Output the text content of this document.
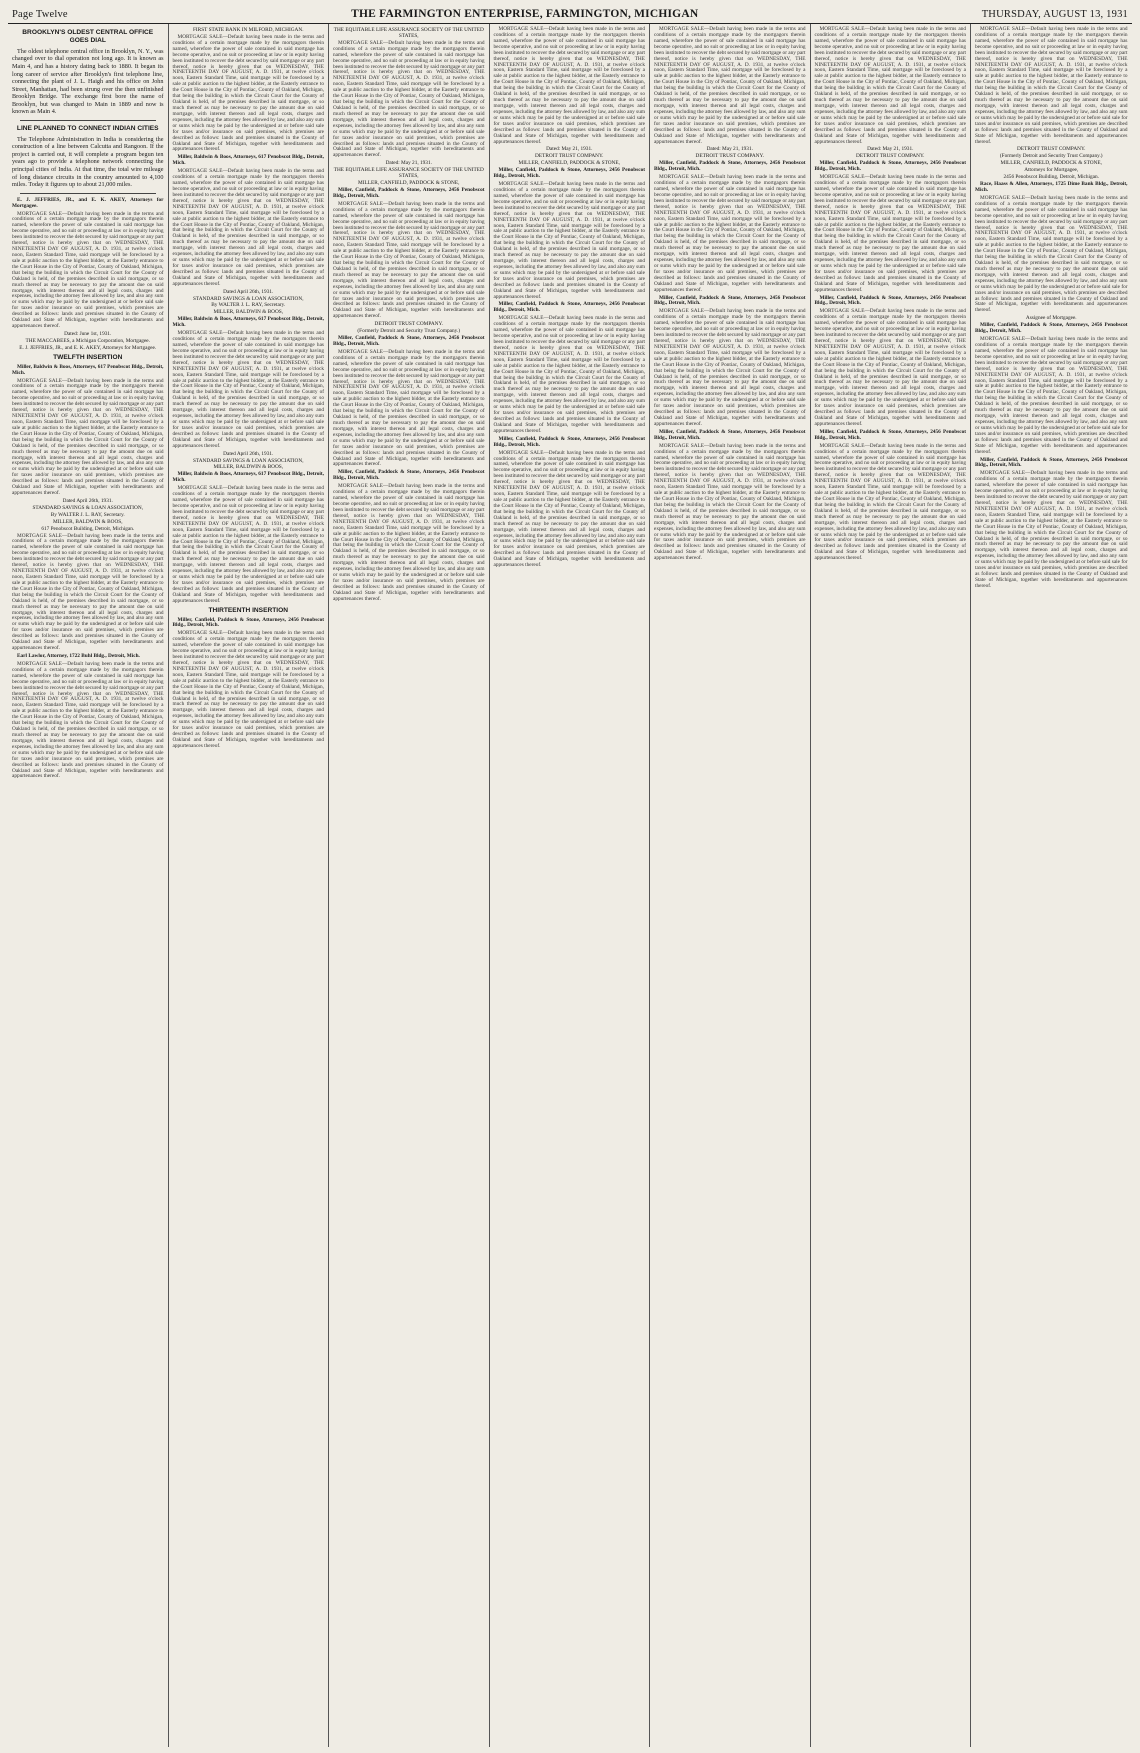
Page Twelve	THE FARMINGTON ENTERPRISE, FARMINGTON, MICHIGAN	THURSDAY, AUGUST 13, 1931
BROOKLYN'S OLDEST CENTRAL OFFICE GOES DIAL
The oldest telephone central office in Brooklyn, N. Y., was changed over to dial operation not long ago. It is known as Main 4, and has a history dating back to 1880. It began its long career of service after Brooklyn's first telephone line, connecting the plant of J. L. Haigh and his office on John Street, Manhattan, had been strung over the then unfinished Brooklyn Bridge. The exchange first bore the name of Brooklyn, but was changed to Main in 1889 and now is known as Main 4.
LINE PLANNED TO CONNECT INDIAN CITIES
The Telephone Administration in India is considering the construction of a line between Calcutta and Rangoon. If the project is carried out, it will complete a program begun ten years ago to provide a telephone network connecting the principal cities of India. At that time, the total wire mileage of long distance circuits in the country amounted to 4,100 miles. Today it figures up to about 21,000 miles.
E. J. JEFFRIES, JR., and E. K. AKEY, Attorneys for Mortgagee.
MORTGAGE SALE—Default having been made in the terms and conditions of a certain mortgage made by the mortgagors therein named, wherefore the power of sale contained in said mortgage has become operative, and no suit or proceeding at law or in equity having been instituted to recover the debt secured by said mortgage or any part thereof, notice is hereby given that on WEDNESDAY, THE NINETEENTH DAY OF AUGUST, A. D. 1931, at twelve o'clock noon, Eastern Standard Time, said mortgage will be foreclosed by a sale at public auction to the highest bidder, at the Easterly entrance to the Court House in the City of Pontiac, County of Oakland, Michigan, that being the building in which the Circuit Court for the County of Oakland is held, of the premises described in said mortgage, or so much thereof as may be necessary to pay the amount due on said mortgage, with interest thereon and all legal costs, charges and expenses, including the attorney fees allowed by law, and also any sum or sums which may be paid by the undersigned at or before said sale for taxes and/or insurance on said premises, which premises are described as follows: lands and premises situated in the County of Oakland and State of Michigan, together with hereditaments and appurtenances thereof.
Dated: June 1st, 1931.
THE MACCABEES, a Michigan Corporation, Mortgagee.
E. J. JEFFRIES, JR., and E. K. AKEY, Attorneys for Mortgagee.
TWELFTH INSERTION
Miller, Baldwin & Boos, Attorneys, 617 Penobscot Bldg., Detroit, Mich.
MORTGAGE SALE—Default having been made in the terms and conditions of a certain mortgage made by the mortgagors therein named, wherefore the power of sale contained in said mortgage has become operative, and no suit or proceeding at law or in equity having been instituted to recover the debt secured by said mortgage or any part thereof, notice is hereby given that on WEDNESDAY, THE NINETEENTH DAY OF AUGUST, A. D. 1931, at twelve o'clock noon, Eastern Standard Time, said mortgage will be foreclosed by a sale at public auction to the highest bidder, at the Easterly entrance to the Court House in the City of Pontiac, County of Oakland, Michigan, that being the building in which the Circuit Court for the County of Oakland is held, of the premises described in said mortgage, or so much thereof as may be necessary to pay the amount due on said mortgage, with interest thereon and all legal costs, charges and expenses, including the attorney fees allowed by law, and also any sum or sums which may be paid by the undersigned at or before said sale for taxes and/or insurance on said premises, which premises are described as follows: lands and premises situated in the County of Oakland and State of Michigan, together with hereditaments and appurtenances thereof.
Dated April 26th, 1931.
STANDARD SAVINGS & LOAN ASSOCIATION,
By WALTER J. L. RAY, Secretary.
MILLER, BALDWIN & BOOS,
617 Penobscot Building, Detroit, Michigan.
MORTGAGE SALE—Default having been made in the terms and conditions of a certain mortgage made by the mortgagors therein named, wherefore the power of sale contained in said mortgage has become operative, and no suit or proceeding at law or in equity having been instituted to recover the debt secured by said mortgage or any part thereof, notice is hereby given that on WEDNESDAY, THE NINETEENTH DAY OF AUGUST, A. D. 1931, at twelve o'clock noon, Eastern Standard Time, said mortgage will be foreclosed by a sale at public auction to the highest bidder, at the Easterly entrance to the Court House in the City of Pontiac, County of Oakland, Michigan, that being the building in which the Circuit Court for the County of Oakland is held, of the premises described in said mortgage, or so much thereof as may be necessary to pay the amount due on said mortgage, with interest thereon and all legal costs, charges and expenses, including the attorney fees allowed by law, and also any sum or sums which may be paid by the undersigned at or before said sale for taxes and/or insurance on said premises, which premises are described as follows: lands and premises situated in the County of Oakland and State of Michigan, together with hereditaments and appurtenances thereof.
Earl Lawlor, Attorney, 1722 Buhl Bldg., Detroit, Mich.
MORTGAGE SALE—Default having been made in the terms and conditions of a certain mortgage made by the mortgagors therein named, wherefore the power of sale contained in said mortgage has become operative, and no suit or proceeding at law or in equity having been instituted to recover the debt secured by said mortgage or any part thereof, notice is hereby given that on WEDNESDAY, THE NINETEENTH DAY OF AUGUST, A. D. 1931, at twelve o'clock noon, Eastern Standard Time, said mortgage will be foreclosed by a sale at public auction to the highest bidder, at the Easterly entrance to the Court House in the City of Pontiac, County of Oakland, Michigan, that being the building in which the Circuit Court for the County of Oakland is held, of the premises described in said mortgage, or so much thereof as may be necessary to pay the amount due on said mortgage, with interest thereon and all legal costs, charges and expenses, including the attorney fees allowed by law, and also any sum or sums which may be paid by the undersigned at or before said sale for taxes and/or insurance on said premises, which premises are described as follows: lands and premises situated in the County of Oakland and State of Michigan, together with hereditaments and appurtenances thereof.
FIRST STATE BANK IN MILFORD, MICHIGAN.
MORTGAGE SALE—Default having been made in the terms and conditions of a certain mortgage made by the mortgagors therein named, wherefore the power of sale contained in said mortgage has become operative, and no suit or proceeding at law or in equity having been instituted to recover the debt secured by said mortgage or any part thereof, notice is hereby given that on WEDNESDAY, THE NINETEENTH DAY OF AUGUST, A. D. 1931, at twelve o'clock noon, Eastern Standard Time, said mortgage will be foreclosed by a sale at public auction to the highest bidder, at the Easterly entrance to the Court House in the City of Pontiac, County of Oakland, Michigan, that being the building in which the Circuit Court for the County of Oakland is held, of the premises described in said mortgage, or so much thereof as may be necessary to pay the amount due on said mortgage, with interest thereon and all legal costs, charges and expenses, including the attorney fees allowed by law, and also any sum or sums which may be paid by the undersigned at or before said sale for taxes and/or insurance on said premises, which premises are described as follows: lands and premises situated in the County of Oakland and State of Michigan, together with hereditaments and appurtenances thereof.
Miller, Baldwin & Boos, Attorneys, 617 Penobscot Bldg., Detroit, Mich.
MORTGAGE SALE—Default having been made in the terms and conditions of a certain mortgage made by the mortgagors therein named, wherefore the power of sale contained in said mortgage has become operative, and no suit or proceeding at law or in equity having been instituted to recover the debt secured by said mortgage or any part thereof, notice is hereby given that on WEDNESDAY, THE NINETEENTH DAY OF AUGUST, A. D. 1931, at twelve o'clock noon, Eastern Standard Time, said mortgage will be foreclosed by a sale at public auction to the highest bidder, at the Easterly entrance to the Court House in the City of Pontiac, County of Oakland, Michigan, that being the building in which the Circuit Court for the County of Oakland is held, of the premises described in said mortgage, or so much thereof as may be necessary to pay the amount due on said mortgage, with interest thereon and all legal costs, charges and expenses, including the attorney fees allowed by law, and also any sum or sums which may be paid by the undersigned at or before said sale for taxes and/or insurance on said premises, which premises are described as follows: lands and premises situated in the County of Oakland and State of Michigan, together with hereditaments and appurtenances thereof.
Dated April 26th, 1931.
STANDARD SAVINGS & LOAN ASSOCIATION,
By WALTER J. L. RAY, Secretary.
MILLER, BALDWIN & BOOS,
Miller, Baldwin & Boos, Attorneys, 617 Penobscot Bldg., Detroit, Mich.
MORTGAGE SALE—Default having been made in the terms and conditions of a certain mortgage made by the mortgagors therein named, wherefore the power of sale contained in said mortgage has become operative, and no suit or proceeding at law or in equity having been instituted to recover the debt secured by said mortgage or any part thereof, notice is hereby given that on WEDNESDAY, THE NINETEENTH DAY OF AUGUST, A. D. 1931, at twelve o'clock noon, Eastern Standard Time, said mortgage will be foreclosed by a sale at public auction to the highest bidder, at the Easterly entrance to the Court House in the City of Pontiac, County of Oakland, Michigan, that being the building in which the Circuit Court for the County of Oakland is held, of the premises described in said mortgage, or so much thereof as may be necessary to pay the amount due on said mortgage, with interest thereon and all legal costs, charges and expenses, including the attorney fees allowed by law, and also any sum or sums which may be paid by the undersigned at or before said sale for taxes and/or insurance on said premises, which premises are described as follows: lands and premises situated in the County of Oakland and State of Michigan, together with hereditaments and appurtenances thereof.
Dated April 26th, 1931.
STANDARD SAVINGS & LOAN ASSOCIATION,
MILLER, BALDWIN & BOOS,
Miller, Baldwin & Boos, Attorneys, 617 Penobscot Bldg., Detroit, Mich.
MORTGAGE SALE—Default having been made in the terms and conditions of a certain mortgage made by the mortgagors therein named, wherefore the power of sale contained in said mortgage has become operative, and no suit or proceeding at law or in equity having been instituted to recover the debt secured by said mortgage or any part thereof, notice is hereby given that on WEDNESDAY, THE NINETEENTH DAY OF AUGUST, A. D. 1931, at twelve o'clock noon, Eastern Standard Time, said mortgage will be foreclosed by a sale at public auction to the highest bidder, at the Easterly entrance to the Court House in the City of Pontiac, County of Oakland, Michigan, that being the building in which the Circuit Court for the County of Oakland is held, of the premises described in said mortgage, or so much thereof as may be necessary to pay the amount due on said mortgage, with interest thereon and all legal costs, charges and expenses, including the attorney fees allowed by law, and also any sum or sums which may be paid by the undersigned at or before said sale for taxes and/or insurance on said premises, which premises are described as follows: lands and premises situated in the County of Oakland and State of Michigan, together with hereditaments and appurtenances thereof.
THIRTEENTH INSERTION
Miller, Canfield, Paddock & Stone, Attorneys, 2456 Penobscot Bldg., Detroit, Mich.
MORTGAGE SALE—Default having been made in the terms and conditions of a certain mortgage made by the mortgagors therein named, wherefore the power of sale contained in said mortgage has become operative, and no suit or proceeding at law or in equity having been instituted to recover the debt secured by said mortgage or any part thereof, notice is hereby given that on WEDNESDAY, THE NINETEENTH DAY OF AUGUST, A. D. 1931, at twelve o'clock noon, Eastern Standard Time, said mortgage will be foreclosed by a sale at public auction to the highest bidder, at the Easterly entrance to the Court House in the City of Pontiac, County of Oakland, Michigan, that being the building in which the Circuit Court for the County of Oakland is held, of the premises described in said mortgage, or so much thereof as may be necessary to pay the amount due on said mortgage, with interest thereon and all legal costs, charges and expenses, including the attorney fees allowed by law, and also any sum or sums which may be paid by the undersigned at or before said sale for taxes and/or insurance on said premises, which premises are described as follows: lands and premises situated in the County of Oakland and State of Michigan, together with hereditaments and appurtenances thereof.
THE EQUITABLE LIFE ASSURANCE SOCIETY OF THE UNITED STATES,
MORTGAGE SALE—Default having been made in the terms and conditions of a certain mortgage made by the mortgagors therein named, wherefore the power of sale contained in said mortgage has become operative, and no suit or proceeding at law or in equity having been instituted to recover the debt secured by said mortgage or any part thereof, notice is hereby given that on WEDNESDAY, THE NINETEENTH DAY OF AUGUST, A. D. 1931, at twelve o'clock noon, Eastern Standard Time, said mortgage will be foreclosed by a sale at public auction to the highest bidder, at the Easterly entrance to the Court House in the City of Pontiac, County of Oakland, Michigan, that being the building in which the Circuit Court for the County of Oakland is held, of the premises described in said mortgage, or so much thereof as may be necessary to pay the amount due on said mortgage, with interest thereon and all legal costs, charges and expenses, including the attorney fees allowed by law, and also any sum or sums which may be paid by the undersigned at or before said sale for taxes and/or insurance on said premises, which premises are described as follows: lands and premises situated in the County of Oakland and State of Michigan, together with hereditaments and appurtenances thereof.
Dated: May 21, 1931.
THE EQUITABLE LIFE ASSURANCE SOCIETY OF THE UNITED STATES,
MILLER, CANFIELD, PADDOCK & STONE,
Miller, Canfield, Paddock & Stone, Attorneys, 2456 Penobscot Bldg., Detroit, Mich.
MORTGAGE SALE—Default having been made in the terms and conditions of a certain mortgage made by the mortgagors therein named, wherefore the power of sale contained in said mortgage has become operative, and no suit or proceeding at law or in equity having been instituted to recover the debt secured by said mortgage or any part thereof, notice is hereby given that on WEDNESDAY, THE NINETEENTH DAY OF AUGUST, A. D. 1931, at twelve o'clock noon, Eastern Standard Time, said mortgage will be foreclosed by a sale at public auction to the highest bidder, at the Easterly entrance to the Court House in the City of Pontiac, County of Oakland, Michigan, that being the building in which the Circuit Court for the County of Oakland is held, of the premises described in said mortgage, or so much thereof as may be necessary to pay the amount due on said mortgage, with interest thereon and all legal costs, charges and expenses, including the attorney fees allowed by law, and also any sum or sums which may be paid by the undersigned at or before said sale for taxes and/or insurance on said premises, which premises are described as follows: lands and premises situated in the County of Oakland and State of Michigan, together with hereditaments and appurtenances thereof.
DETROIT TRUST COMPANY.
(Formerly Detroit and Security Trust Company.)
Miller, Canfield, Paddock & Stone, Attorneys, 2456 Penobscot Bldg., Detroit, Mich.
MORTGAGE SALE—Default having been made in the terms and conditions of a certain mortgage made by the mortgagors therein named, wherefore the power of sale contained in said mortgage has become operative, and no suit or proceeding at law or in equity having been instituted to recover the debt secured by said mortgage or any part thereof, notice is hereby given that on WEDNESDAY, THE NINETEENTH DAY OF AUGUST, A. D. 1931, at twelve o'clock noon, Eastern Standard Time, said mortgage will be foreclosed by a sale at public auction to the highest bidder, at the Easterly entrance to the Court House in the City of Pontiac, County of Oakland, Michigan, that being the building in which the Circuit Court for the County of Oakland is held, of the premises described in said mortgage, or so much thereof as may be necessary to pay the amount due on said mortgage, with interest thereon and all legal costs, charges and expenses, including the attorney fees allowed by law, and also any sum or sums which may be paid by the undersigned at or before said sale for taxes and/or insurance on said premises, which premises are described as follows: lands and premises situated in the County of Oakland and State of Michigan, together with hereditaments and appurtenances thereof.
Miller, Canfield, Paddock & Stone, Attorneys, 2456 Penobscot Bldg., Detroit, Mich.
MORTGAGE SALE—Default having been made in the terms and conditions of a certain mortgage made by the mortgagors therein named, wherefore the power of sale contained in said mortgage has become operative, and no suit or proceeding at law or in equity having been instituted to recover the debt secured by said mortgage or any part thereof, notice is hereby given that on WEDNESDAY, THE NINETEENTH DAY OF AUGUST, A. D. 1931, at twelve o'clock noon, Eastern Standard Time, said mortgage will be foreclosed by a sale at public auction to the highest bidder, at the Easterly entrance to the Court House in the City of Pontiac, County of Oakland, Michigan, that being the building in which the Circuit Court for the County of Oakland is held, of the premises described in said mortgage, or so much thereof as may be necessary to pay the amount due on said mortgage, with interest thereon and all legal costs, charges and expenses, including the attorney fees allowed by law, and also any sum or sums which may be paid by the undersigned at or before said sale for taxes and/or insurance on said premises, which premises are described as follows: lands and premises situated in the County of Oakland and State of Michigan, together with hereditaments and appurtenances thereof.
MORTGAGE SALE—Default having been made in the terms and conditions of a certain mortgage made by the mortgagors therein named, wherefore the power of sale contained in said mortgage has become operative, and no suit or proceeding at law or in equity having been instituted to recover the debt secured by said mortgage or any part thereof, notice is hereby given that on WEDNESDAY, THE NINETEENTH DAY OF AUGUST, A. D. 1931, at twelve o'clock noon, Eastern Standard Time, said mortgage will be foreclosed by a sale at public auction to the highest bidder, at the Easterly entrance to the Court House in the City of Pontiac, County of Oakland, Michigan, that being the building in which the Circuit Court for the County of Oakland is held, of the premises described in said mortgage, or so much thereof as may be necessary to pay the amount due on said mortgage, with interest thereon and all legal costs, charges and expenses, including the attorney fees allowed by law, and also any sum or sums which may be paid by the undersigned at or before said sale for taxes and/or insurance on said premises, which premises are described as follows: lands and premises situated in the County of Oakland and State of Michigan, together with hereditaments and appurtenances thereof.
Dated: May 21, 1931.
DETROIT TRUST COMPANY.
MILLER, CANFIELD, PADDOCK & STONE,
Miller, Canfield, Paddock & Stone, Attorneys, 2456 Penobscot Bldg., Detroit, Mich.
MORTGAGE SALE—Default having been made in the terms and conditions of a certain mortgage made by the mortgagors therein named, wherefore the power of sale contained in said mortgage has become operative, and no suit or proceeding at law or in equity having been instituted to recover the debt secured by said mortgage or any part thereof, notice is hereby given that on WEDNESDAY, THE NINETEENTH DAY OF AUGUST, A. D. 1931, at twelve o'clock noon, Eastern Standard Time, said mortgage will be foreclosed by a sale at public auction to the highest bidder, at the Easterly entrance to the Court House in the City of Pontiac, County of Oakland, Michigan, that being the building in which the Circuit Court for the County of Oakland is held, of the premises described in said mortgage, or so much thereof as may be necessary to pay the amount due on said mortgage, with interest thereon and all legal costs, charges and expenses, including the attorney fees allowed by law, and also any sum or sums which may be paid by the undersigned at or before said sale for taxes and/or insurance on said premises, which premises are described as follows: lands and premises situated in the County of Oakland and State of Michigan, together with hereditaments and appurtenances thereof.
Miller, Canfield, Paddock & Stone, Attorneys, 2456 Penobscot Bldg., Detroit, Mich.
MORTGAGE SALE—Default having been made in the terms and conditions of a certain mortgage made by the mortgagors therein named, wherefore the power of sale contained in said mortgage has become operative, and no suit or proceeding at law or in equity having been instituted to recover the debt secured by said mortgage or any part thereof, notice is hereby given that on WEDNESDAY, THE NINETEENTH DAY OF AUGUST, A. D. 1931, at twelve o'clock noon, Eastern Standard Time, said mortgage will be foreclosed by a sale at public auction to the highest bidder, at the Easterly entrance to the Court House in the City of Pontiac, County of Oakland, Michigan, that being the building in which the Circuit Court for the County of Oakland is held, of the premises described in said mortgage, or so much thereof as may be necessary to pay the amount due on said mortgage, with interest thereon and all legal costs, charges and expenses, including the attorney fees allowed by law, and also any sum or sums which may be paid by the undersigned at or before said sale for taxes and/or insurance on said premises, which premises are described as follows: lands and premises situated in the County of Oakland and State of Michigan, together with hereditaments and appurtenances thereof.
Miller, Canfield, Paddock & Stone, Attorneys, 2456 Penobscot Bldg., Detroit, Mich.
MORTGAGE SALE—Default having been made in the terms and conditions of a certain mortgage made by the mortgagors therein named, wherefore the power of sale contained in said mortgage has become operative, and no suit or proceeding at law or in equity having been instituted to recover the debt secured by said mortgage or any part thereof, notice is hereby given that on WEDNESDAY, THE NINETEENTH DAY OF AUGUST, A. D. 1931, at twelve o'clock noon, Eastern Standard Time, said mortgage will be foreclosed by a sale at public auction to the highest bidder, at the Easterly entrance to the Court House in the City of Pontiac, County of Oakland, Michigan, that being the building in which the Circuit Court for the County of Oakland is held, of the premises described in said mortgage, or so much thereof as may be necessary to pay the amount due on said mortgage, with interest thereon and all legal costs, charges and expenses, including the attorney fees allowed by law, and also any sum or sums which may be paid by the undersigned at or before said sale for taxes and/or insurance on said premises, which premises are described as follows: lands and premises situated in the County of Oakland and State of Michigan, together with hereditaments and appurtenances thereof.
MORTGAGE SALE—Default having been made in the terms and conditions of a certain mortgage made by the mortgagors therein named, wherefore the power of sale contained in said mortgage has become operative, and no suit or proceeding at law or in equity having been instituted to recover the debt secured by said mortgage or any part thereof, notice is hereby given that on WEDNESDAY, THE NINETEENTH DAY OF AUGUST, A. D. 1931, at twelve o'clock noon, Eastern Standard Time, said mortgage will be foreclosed by a sale at public auction to the highest bidder, at the Easterly entrance to the Court House in the City of Pontiac, County of Oakland, Michigan, that being the building in which the Circuit Court for the County of Oakland is held, of the premises described in said mortgage, or so much thereof as may be necessary to pay the amount due on said mortgage, with interest thereon and all legal costs, charges and expenses, including the attorney fees allowed by law, and also any sum or sums which may be paid by the undersigned at or before said sale for taxes and/or insurance on said premises, which premises are described as follows: lands and premises situated in the County of Oakland and State of Michigan, together with hereditaments and appurtenances thereof.
Dated: May 21, 1931.
DETROIT TRUST COMPANY.
Miller, Canfield, Paddock & Stone, Attorneys, 2456 Penobscot Bldg., Detroit, Mich.
MORTGAGE SALE—Default having been made in the terms and conditions of a certain mortgage made by the mortgagors therein named, wherefore the power of sale contained in said mortgage has become operative, and no suit or proceeding at law or in equity having been instituted to recover the debt secured by said mortgage or any part thereof, notice is hereby given that on WEDNESDAY, THE NINETEENTH DAY OF AUGUST, A. D. 1931, at twelve o'clock noon, Eastern Standard Time, said mortgage will be foreclosed by a sale at public auction to the highest bidder, at the Easterly entrance to the Court House in the City of Pontiac, County of Oakland, Michigan, that being the building in which the Circuit Court for the County of Oakland is held, of the premises described in said mortgage, or so much thereof as may be necessary to pay the amount due on said mortgage, with interest thereon and all legal costs, charges and expenses, including the attorney fees allowed by law, and also any sum or sums which may be paid by the undersigned at or before said sale for taxes and/or insurance on said premises, which premises are described as follows: lands and premises situated in the County of Oakland and State of Michigan, together with hereditaments and appurtenances thereof.
Miller, Canfield, Paddock & Stone, Attorneys, 2456 Penobscot Bldg., Detroit, Mich.
MORTGAGE SALE—Default having been made in the terms and conditions of a certain mortgage made by the mortgagors therein named, wherefore the power of sale contained in said mortgage has become operative, and no suit or proceeding at law or in equity having been instituted to recover the debt secured by said mortgage or any part thereof, notice is hereby given that on WEDNESDAY, THE NINETEENTH DAY OF AUGUST, A. D. 1931, at twelve o'clock noon, Eastern Standard Time, said mortgage will be foreclosed by a sale at public auction to the highest bidder, at the Easterly entrance to the Court House in the City of Pontiac, County of Oakland, Michigan, that being the building in which the Circuit Court for the County of Oakland is held, of the premises described in said mortgage, or so much thereof as may be necessary to pay the amount due on said mortgage, with interest thereon and all legal costs, charges and expenses, including the attorney fees allowed by law, and also any sum or sums which may be paid by the undersigned at or before said sale for taxes and/or insurance on said premises, which premises are described as follows: lands and premises situated in the County of Oakland and State of Michigan, together with hereditaments and appurtenances thereof.
Miller, Canfield, Paddock & Stone, Attorneys, 2456 Penobscot Bldg., Detroit, Mich.
MORTGAGE SALE—Default having been made in the terms and conditions of a certain mortgage made by the mortgagors therein named, wherefore the power of sale contained in said mortgage has become operative, and no suit or proceeding at law or in equity having been instituted to recover the debt secured by said mortgage or any part thereof, notice is hereby given that on WEDNESDAY, THE NINETEENTH DAY OF AUGUST, A. D. 1931, at twelve o'clock noon, Eastern Standard Time, said mortgage will be foreclosed by a sale at public auction to the highest bidder, at the Easterly entrance to the Court House in the City of Pontiac, County of Oakland, Michigan, that being the building in which the Circuit Court for the County of Oakland is held, of the premises described in said mortgage, or so much thereof as may be necessary to pay the amount due on said mortgage, with interest thereon and all legal costs, charges and expenses, including the attorney fees allowed by law, and also any sum or sums which may be paid by the undersigned at or before said sale for taxes and/or insurance on said premises, which premises are described as follows: lands and premises situated in the County of Oakland and State of Michigan, together with hereditaments and appurtenances thereof.
MORTGAGE SALE—Default having been made in the terms and conditions of a certain mortgage made by the mortgagors therein named, wherefore the power of sale contained in said mortgage has become operative, and no suit or proceeding at law or in equity having been instituted to recover the debt secured by said mortgage or any part thereof, notice is hereby given that on WEDNESDAY, THE NINETEENTH DAY OF AUGUST, A. D. 1931, at twelve o'clock noon, Eastern Standard Time, said mortgage will be foreclosed by a sale at public auction to the highest bidder, at the Easterly entrance to the Court House in the City of Pontiac, County of Oakland, Michigan, that being the building in which the Circuit Court for the County of Oakland is held, of the premises described in said mortgage, or so much thereof as may be necessary to pay the amount due on said mortgage, with interest thereon and all legal costs, charges and expenses, including the attorney fees allowed by law, and also any sum or sums which may be paid by the undersigned at or before said sale for taxes and/or insurance on said premises, which premises are described as follows: lands and premises situated in the County of Oakland and State of Michigan, together with hereditaments and appurtenances thereof.
Dated: May 21, 1931.
DETROIT TRUST COMPANY.
Miller, Canfield, Paddock & Stone, Attorneys, 2456 Penobscot Bldg., Detroit, Mich.
MORTGAGE SALE—Default having been made in the terms and conditions of a certain mortgage made by the mortgagors therein named, wherefore the power of sale contained in said mortgage has become operative, and no suit or proceeding at law or in equity having been instituted to recover the debt secured by said mortgage or any part thereof, notice is hereby given that on WEDNESDAY, THE NINETEENTH DAY OF AUGUST, A. D. 1931, at twelve o'clock noon, Eastern Standard Time, said mortgage will be foreclosed by a sale at public auction to the highest bidder, at the Easterly entrance to the Court House in the City of Pontiac, County of Oakland, Michigan, that being the building in which the Circuit Court for the County of Oakland is held, of the premises described in said mortgage, or so much thereof as may be necessary to pay the amount due on said mortgage, with interest thereon and all legal costs, charges and expenses, including the attorney fees allowed by law, and also any sum or sums which may be paid by the undersigned at or before said sale for taxes and/or insurance on said premises, which premises are described as follows: lands and premises situated in the County of Oakland and State of Michigan, together with hereditaments and appurtenances thereof.
Miller, Canfield, Paddock & Stone, Attorneys, 2456 Penobscot Bldg., Detroit, Mich.
MORTGAGE SALE—Default having been made in the terms and conditions of a certain mortgage made by the mortgagors therein named, wherefore the power of sale contained in said mortgage has become operative, and no suit or proceeding at law or in equity having been instituted to recover the debt secured by said mortgage or any part thereof, notice is hereby given that on WEDNESDAY, THE NINETEENTH DAY OF AUGUST, A. D. 1931, at twelve o'clock noon, Eastern Standard Time, said mortgage will be foreclosed by a sale at public auction to the highest bidder, at the Easterly entrance to the Court House in the City of Pontiac, County of Oakland, Michigan, that being the building in which the Circuit Court for the County of Oakland is held, of the premises described in said mortgage, or so much thereof as may be necessary to pay the amount due on said mortgage, with interest thereon and all legal costs, charges and expenses, including the attorney fees allowed by law, and also any sum or sums which may be paid by the undersigned at or before said sale for taxes and/or insurance on said premises, which premises are described as follows: lands and premises situated in the County of Oakland and State of Michigan, together with hereditaments and appurtenances thereof.
Miller, Canfield, Paddock & Stone, Attorneys, 2456 Penobscot Bldg., Detroit, Mich.
MORTGAGE SALE—Default having been made in the terms and conditions of a certain mortgage made by the mortgagors therein named, wherefore the power of sale contained in said mortgage has become operative, and no suit or proceeding at law or in equity having been instituted to recover the debt secured by said mortgage or any part thereof, notice is hereby given that on WEDNESDAY, THE NINETEENTH DAY OF AUGUST, A. D. 1931, at twelve o'clock noon, Eastern Standard Time, said mortgage will be foreclosed by a sale at public auction to the highest bidder, at the Easterly entrance to the Court House in the City of Pontiac, County of Oakland, Michigan, that being the building in which the Circuit Court for the County of Oakland is held, of the premises described in said mortgage, or so much thereof as may be necessary to pay the amount due on said mortgage, with interest thereon and all legal costs, charges and expenses, including the attorney fees allowed by law, and also any sum or sums which may be paid by the undersigned at or before said sale for taxes and/or insurance on said premises, which premises are described as follows: lands and premises situated in the County of Oakland and State of Michigan, together with hereditaments and appurtenances thereof.
MORTGAGE SALE—Default having been made in the terms and conditions of a certain mortgage made by the mortgagors therein named, wherefore the power of sale contained in said mortgage has become operative, and no suit or proceeding at law or in equity having been instituted to recover the debt secured by said mortgage or any part thereof, notice is hereby given that on WEDNESDAY, THE NINETEENTH DAY OF AUGUST, A. D. 1931, at twelve o'clock noon, Eastern Standard Time, said mortgage will be foreclosed by a sale at public auction to the highest bidder, at the Easterly entrance to the Court House in the City of Pontiac, County of Oakland, Michigan, that being the building in which the Circuit Court for the County of Oakland is held, of the premises described in said mortgage, or so much thereof as may be necessary to pay the amount due on said mortgage, with interest thereon and all legal costs, charges and expenses, including the attorney fees allowed by law, and also any sum or sums which may be paid by the undersigned at or before said sale for taxes and/or insurance on said premises, which premises are described as follows: lands and premises situated in the County of Oakland and State of Michigan, together with hereditaments and appurtenances thereof.
DETROIT TRUST COMPANY.
(Formerly Detroit and Security Trust Company.)
MILLER, CANFIELD, PADDOCK & STONE,
Attorneys for Mortgagee,
2456 Penobscot Building, Detroit, Michigan.
Race, Haass & Allen, Attorneys, 1725 Dime Bank Bldg., Detroit, Mich.
MORTGAGE SALE—Default having been made in the terms and conditions of a certain mortgage made by the mortgagors therein named, wherefore the power of sale contained in said mortgage has become operative, and no suit or proceeding at law or in equity having been instituted to recover the debt secured by said mortgage or any part thereof, notice is hereby given that on WEDNESDAY, THE NINETEENTH DAY OF AUGUST, A. D. 1931, at twelve o'clock noon, Eastern Standard Time, said mortgage will be foreclosed by a sale at public auction to the highest bidder, at the Easterly entrance to the Court House in the City of Pontiac, County of Oakland, Michigan, that being the building in which the Circuit Court for the County of Oakland is held, of the premises described in said mortgage, or so much thereof as may be necessary to pay the amount due on said mortgage, with interest thereon and all legal costs, charges and expenses, including the attorney fees allowed by law, and also any sum or sums which may be paid by the undersigned at or before said sale for taxes and/or insurance on said premises, which premises are described as follows: lands and premises situated in the County of Oakland and State of Michigan, together with hereditaments and appurtenances thereof.
Assignee of Mortgagee.
Miller, Canfield, Paddock & Stone, Attorneys, 2456 Penobscot Bldg., Detroit, Mich.
MORTGAGE SALE—Default having been made in the terms and conditions of a certain mortgage made by the mortgagors therein named, wherefore the power of sale contained in said mortgage has become operative, and no suit or proceeding at law or in equity having been instituted to recover the debt secured by said mortgage or any part thereof, notice is hereby given that on WEDNESDAY, THE NINETEENTH DAY OF AUGUST, A. D. 1931, at twelve o'clock noon, Eastern Standard Time, said mortgage will be foreclosed by a sale at public auction to the highest bidder, at the Easterly entrance to the Court House in the City of Pontiac, County of Oakland, Michigan, that being the building in which the Circuit Court for the County of Oakland is held, of the premises described in said mortgage, or so much thereof as may be necessary to pay the amount due on said mortgage, with interest thereon and all legal costs, charges and expenses, including the attorney fees allowed by law, and also any sum or sums which may be paid by the undersigned at or before said sale for taxes and/or insurance on said premises, which premises are described as follows: lands and premises situated in the County of Oakland and State of Michigan, together with hereditaments and appurtenances thereof.
Miller, Canfield, Paddock & Stone, Attorneys, 2456 Penobscot Bldg., Detroit, Mich.
MORTGAGE SALE—Default having been made in the terms and conditions of a certain mortgage made by the mortgagors therein named, wherefore the power of sale contained in said mortgage has become operative, and no suit or proceeding at law or in equity having been instituted to recover the debt secured by said mortgage or any part thereof, notice is hereby given that on WEDNESDAY, THE NINETEENTH DAY OF AUGUST, A. D. 1931, at twelve o'clock noon, Eastern Standard Time, said mortgage will be foreclosed by a sale at public auction to the highest bidder, at the Easterly entrance to the Court House in the City of Pontiac, County of Oakland, Michigan, that being the building in which the Circuit Court for the County of Oakland is held, of the premises described in said mortgage, or so much thereof as may be necessary to pay the amount due on said mortgage, with interest thereon and all legal costs, charges and expenses, including the attorney fees allowed by law, and also any sum or sums which may be paid by the undersigned at or before said sale for taxes and/or insurance on said premises, which premises are described as follows: lands and premises situated in the County of Oakland and State of Michigan, together with hereditaments and appurtenances thereof.
